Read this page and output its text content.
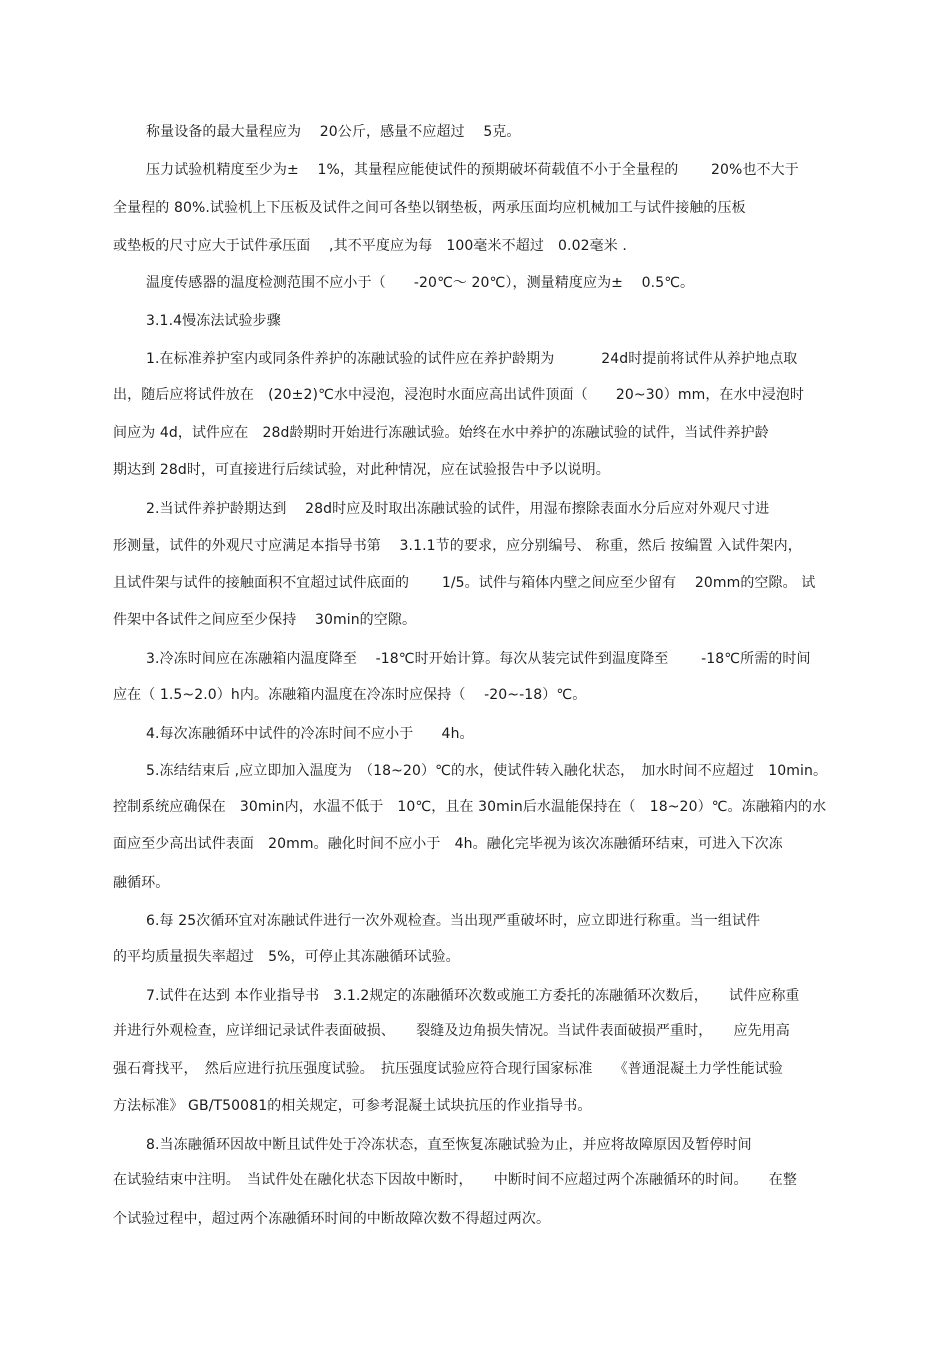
称量设备的最大量程应为　 20公斤，感量不应超过　 5克。
压力试验机精度至少为±　 1%，其量程应能使试件的预期破坏荷载值不小于全量程的　　 20%也不大于
全量程的 80%.试验机上下压板及试件之间可各垫以钢垫板，两承压面均应机械加工与试件接触的压板
或垫板的尺寸应大于试件承压面　 ,其不平度应为每　100毫米不超过　0.02毫米 .
温度传感器的温度检测范围不应小于（　　-20℃～ 20℃），测量精度应为±　 0.5℃。
3.1.4慢冻法试验步骤
1.在标准养护室内或同条件养护的冻融试验的试件应在养护龄期为　　　 24d时提前将试件从养护地点取
出，随后应将试件放在　(20±2)℃水中浸泡，浸泡时水面应高出试件顶面（　　20~30）mm，在水中浸泡时
间应为 4d，试件应在　28d龄期时开始进行冻融试验。始终在水中养护的冻融试验的试件，当试件养护龄
期达到 28d时，可直接进行后续试验，对此种情况，应在试验报告中予以说明。
2.当试件养护龄期达到　 28d时应及时取出冻融试验的试件，用湿布擦除表面水分后应对外观尺寸进
形测量，试件的外观尺寸应满足本指导书第　 3.1.1节的要求，应分别编号、 称重，然后 按编置 入试件架内，
且试件架与试件的接触面积不宜超过试件底面的　　 1/5。试件与箱体内壁之间应至少留有　 20mm的空隙。 试
件架中各试件之间应至少保持　 30min的空隙。
3.冷冻时间应在冻融箱内温度降至　 -18℃时开始计算。每次从装完试件到温度降至　　 -18℃所需的时间
应在（ 1.5~2.0）h内。冻融箱内温度在冷冻时应保持（　 -20~-18）℃。
4.每次冻融循环中试件的冷冻时间不应小于　　4h。
5.冻结结束后 ,应立即加入温度为　（18~20）℃的水，使试件转入融化状态，　加水时间不应超过　10min。
控制系统应确保在　30min内，水温不低于　10℃，且在 30min后水温能保持在（　18~20）℃。冻融箱内的水
面应至少高出试件表面　20mm。融化时间不应小于　4h。融化完毕视为该次冻融循环结束，可进入下次冻
融循环。
6.每 25次循环宜对冻融试件进行一次外观检查。当出现严重破坏时，应立即进行称重。当一组试件
的平均质量损失率超过　5%，可停止其冻融循环试验。
7.试件在达到 本作业指导书　3.1.2规定的冻融循环次数或施工方委托的冻融循环次数后，　　试件应称重
并进行外观检查，应详细记录试件表面破损、　　裂缝及边角损失情况。当试件表面破损严重时，　　应先用高
强石膏找平，　然后应进行抗压强度试验。　抗压强度试验应符合现行国家标准　　《普通混凝土力学性能试验
方法标准》 GB/T50081的相关规定，可参考混凝土试块抗压的作业指导书。
8.当冻融循环因故中断且试件处于冷冻状态，直至恢复冻融试验为止，并应将故障原因及暂停时间
在试验结束中注明。　当试件处在融化状态下因故中断时，　　中断时间不应超过两个冻融循环的时间。　　在整
个试验过程中，超过两个冻融循环时间的中断故障次数不得超过两次。
